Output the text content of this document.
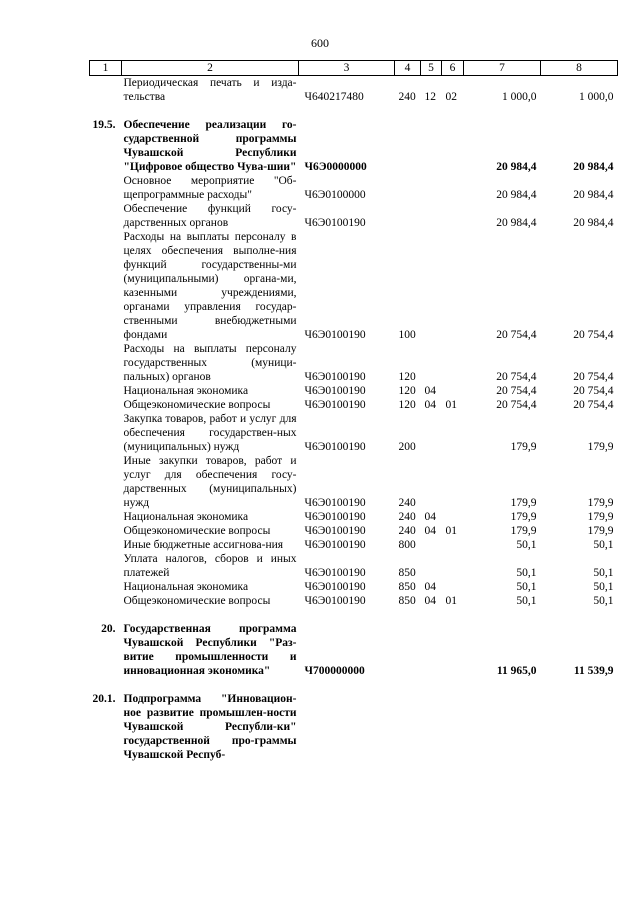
600
1	2	3	4	5	6	7	8
	Периодическая печать и изда-тельства	Ч640217480	240	12	02	1 000,0	1 000,0

19.5.	Обеспечение реализации го-сударственной программы Чувашской Республики "Цифровое общество Чува-шии"	Ч6Э0000000				20 984,4	20 984,4
	Основное мероприятие "Об-щепрограммные расходы"	Ч6Э0100000				20 984,4	20 984,4
	Обеспечение функций госу-дарственных органов	Ч6Э0100190				20 984,4	20 984,4
	Расходы на выплаты персоналу в целях обеспечения выполне-ния функций государственны-ми (муниципальными) органа-ми, казенными учреждениями, органами управления государ-ственными внебюджетными фондами	Ч6Э0100190	100			20 754,4	20 754,4
	Расходы на выплаты персоналу государственных (муници-пальных) органов	Ч6Э0100190	120			20 754,4	20 754,4
	Национальная экономика	Ч6Э0100190	120	04		20 754,4	20 754,4
	Общеэкономические вопросы	Ч6Э0100190	120	04	01	20 754,4	20 754,4
	Закупка товаров, работ и услуг для обеспечения государствен-ных (муниципальных) нужд	Ч6Э0100190	200			179,9	179,9
	Иные закупки товаров, работ и услуг для обеспечения госу-дарственных (муниципальных) нужд	Ч6Э0100190	240			179,9	179,9
	Национальная экономика	Ч6Э0100190	240	04		179,9	179,9
	Общеэкономические вопросы	Ч6Э0100190	240	04	01	179,9	179,9
	Иные бюджетные ассигнова-ния	Ч6Э0100190	800			50,1	50,1
	Уплата налогов, сборов и иных платежей	Ч6Э0100190	850			50,1	50,1
	Национальная экономика	Ч6Э0100190	850	04		50,1	50,1
	Общеэкономические вопросы	Ч6Э0100190	850	04	01	50,1	50,1

20.	Государственная программа Чувашской Республики "Раз-витие промышленности и инновационная экономика"	Ч700000000				11 965,0	11 539,9

20.1.	Подпрограмма "Инновацион-ное развитие промышлен-ности Чувашской Республи-ки" государственной про-граммы Чувашской Респуб-						
